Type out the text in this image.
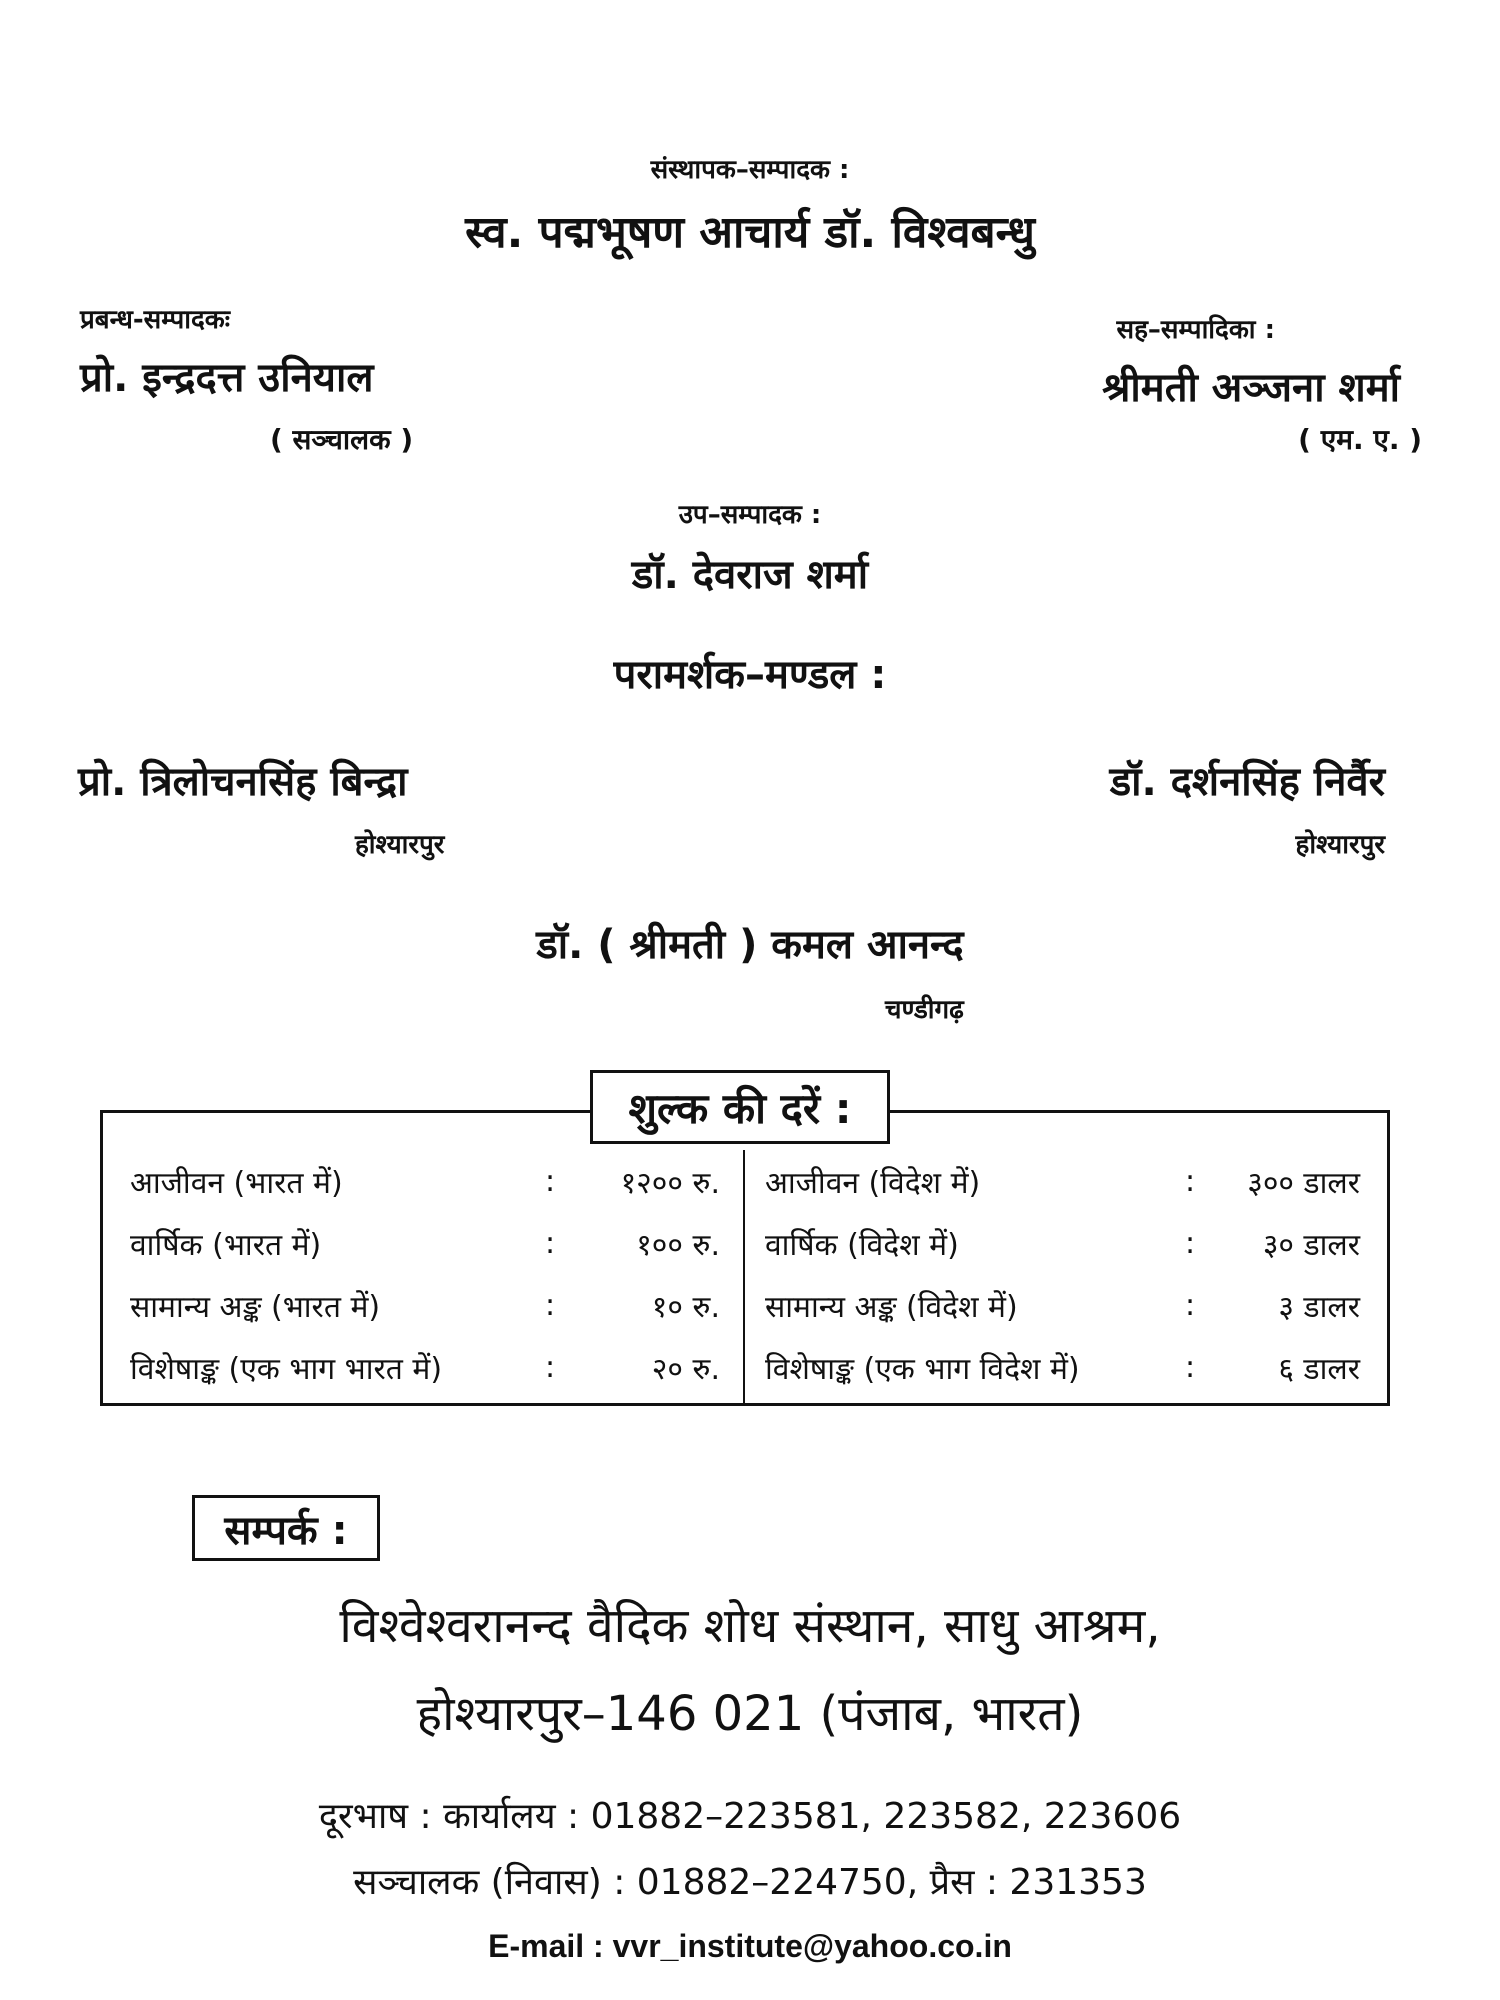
संस्थापक–सम्पादक :
स्व. पद्मभूषण आचार्य डॉ. विश्वबन्धु
प्रबन्ध-सम्पादकः
प्रो. इन्द्रदत्त उनियाल
( सञ्चालक )
सह–सम्पादिका :
श्रीमती अञ्जना शर्मा
( एम. ए. )
उप–सम्पादक :
डॉ. देवराज शर्मा
परामर्शक–मण्डल :
प्रो. त्रिलोचनसिंह बिन्द्रा
होश्यारपुर
डॉ. दर्शनसिंह निर्वैर
होश्यारपुर
डॉ. ( श्रीमती ) कमल आनन्द
चण्डीगढ़
शुल्क की दरें :
आजीवन (भारत में)	:	१२०० रु.
वार्षिक (भारत में)	:	१०० रु.
सामान्य अङ्क (भारत में)	:	१० रु.
विशेषाङ्क (एक भाग भारत में)	:	२० रु.
आजीवन (विदेश में)	:	३०० डालर
वार्षिक (विदेश में)	:	३० डालर
सामान्य अङ्क (विदेश में)	:	३ डालर
विशेषाङ्क (एक भाग विदेश में)	:	६ डालर
सम्पर्क :
विश्वेश्वरानन्द वैदिक शोध संस्थान, साधु आश्रम,
होश्यारपुर–146 021 (पंजाब, भारत)
दूरभाष : कार्यालय : 01882–223581, 223582, 223606
सञ्चालक (निवास) : 01882–224750, प्रैस : 231353
E-mail : vvr_institute@yahoo.co.in
